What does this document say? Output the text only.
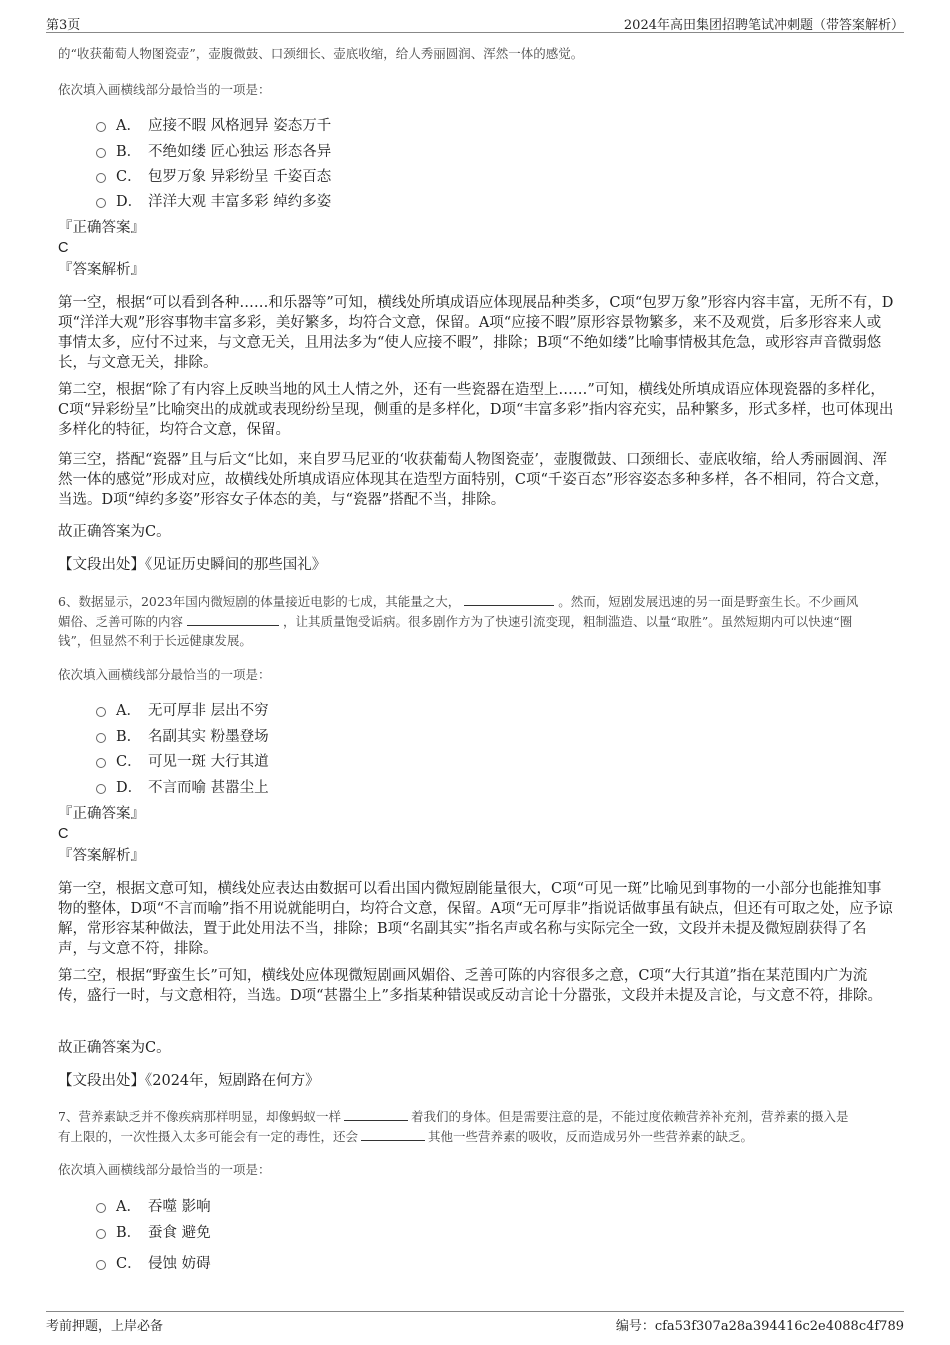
第3页	2024年高田集团招聘笔试冲刺题（带答案解析）
的“收获葡萄人物图瓷壶”，壶腹微鼓、口颈细长、壶底收缩，给人秀丽圆润、浑然一体的感觉。
依次填入画横线部分最恰当的一项是：
A． 应接不暇 风格迥异 姿态万千
B． 不绝如缕 匠心独运 形态各异
C． 包罗万象 异彩纷呈 千姿百态
D． 洋洋大观 丰富多彩 绰约多姿
『正确答案』
C
『答案解析』
第一空，根据“可以看到各种……和乐器等”可知，横线处所填成语应体现展品种类多，C项“包罗万象”形容内容丰富，无所不有，D项“洋洋大观”形容事物丰富多彩，美好繁多，均符合文意，保留。A项“应接不暇”原形容景物繁多，来不及观赏，后多形容来人或事情太多，应付不过来，与文意无关，且用法多为“使人应接不暇”，排除；B项“不绝如缕”比喻事情极其危急，或形容声音微弱悠长，与文意无关，排除。
第二空，根据“除了有内容上反映当地的风土人情之外，还有一些瓷器在造型上……”可知，横线处所填成语应体现瓷器的多样化，C项“异彩纷呈”比喻突出的成就或表现纷纷呈现，侧重的是多样化，D项“丰富多彩”指内容充实，品种繁多，形式多样，也可体现出多样化的特征，均符合文意，保留。
第三空，搭配“瓷器”且与后文“比如，来自罗马尼亚的‘收获葡萄人物图瓷壶’，壶腹微鼓、口颈细长、壶底收缩，给人秀丽圆润、浑然一体的感觉”形成对应，故横线处所填成语应体现其在造型方面特别，C项“千姿百态”形容姿态多种多样，各不相同，符合文意，当选。D项“绰约多姿”形容女子体态的美，与“瓷器”搭配不当，排除。
故正确答案为C。
【文段出处】《见证历史瞬间的那些国礼》
6、数据显示，2023年国内微短剧的体量接近电影的七成，其能量之大，	。然而，短剧发展迅速的另一面是野蛮生长。不少画风
媚俗、乏善可陈的内容	，让其质量饱受诟病。很多剧作方为了快速引流变现，粗制滥造、以量“取胜”。虽然短期内可以快速“圈
钱”，但显然不利于长远健康发展。
依次填入画横线部分最恰当的一项是：
A． 无可厚非 层出不穷
B． 名副其实 粉墨登场
C． 可见一斑 大行其道
D． 不言而喻 甚嚣尘上
『正确答案』
C
『答案解析』
第一空，根据文意可知，横线处应表达由数据可以看出国内微短剧能量很大，C项“可见一斑”比喻见到事物的一小部分也能推知事物的整体，D项“不言而喻”指不用说就能明白，均符合文意，保留。A项“无可厚非”指说话做事虽有缺点，但还有可取之处，应予谅解，常形容某种做法，置于此处用法不当，排除；B项“名副其实”指名声或名称与实际完全一致，文段并未提及微短剧获得了名声，与文意不符，排除。
第二空，根据“野蛮生长”可知，横线处应体现微短剧画风媚俗、乏善可陈的内容很多之意，C项“大行其道”指在某范围内广为流传，盛行一时，与文意相符，当选。D项“甚嚣尘上”多指某种错误或反动言论十分嚣张，文段并未提及言论，与文意不符，排除。
故正确答案为C。
【文段出处】《2024年，短剧路在何方》
7、营养素缺乏并不像疾病那样明显，却像蚂蚁一样	着我们的身体。但是需要注意的是，不能过度依赖营养补充剂，营养素的摄入是
有上限的，一次性摄入太多可能会有一定的毒性，还会	其他一些营养素的吸收，反而造成另外一些营养素的缺乏。
依次填入画横线部分最恰当的一项是：
A． 吞噬 影响
B． 蚕食 避免
C． 侵蚀 妨碍
考前押题，上岸必备	编号：cfa53f307a28a394416c2e4088c4f789
